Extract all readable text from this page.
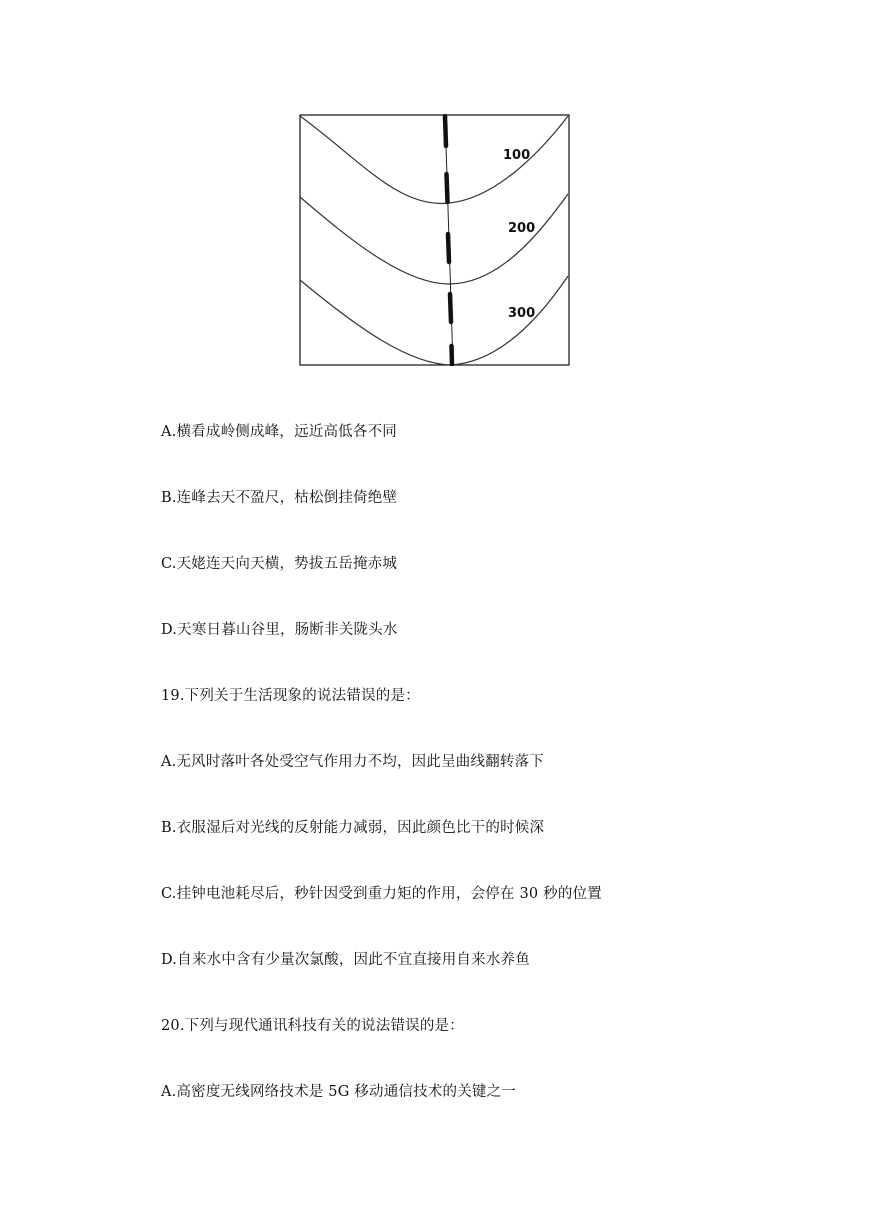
100
200
300
A.横看成岭侧成峰，远近高低各不同
B.连峰去天不盈尺，枯松倒挂倚绝壁
C.天姥连天向天横，势拔五岳掩赤城
D.天寒日暮山谷里，肠断非关陇头水
19.下列关于生活现象的说法错误的是：
A.无风时落叶各处受空气作用力不均，因此呈曲线翻转落下
B.衣服湿后对光线的反射能力减弱，因此颜色比干的时候深
C.挂钟电池耗尽后，秒针因受到重力矩的作用，会停在 30 秒的位置
D.自来水中含有少量次氯酸，因此不宜直接用自来水养鱼
20.下列与现代通讯科技有关的说法错误的是：
A.高密度无线网络技术是 5G 移动通信技术的关键之一
